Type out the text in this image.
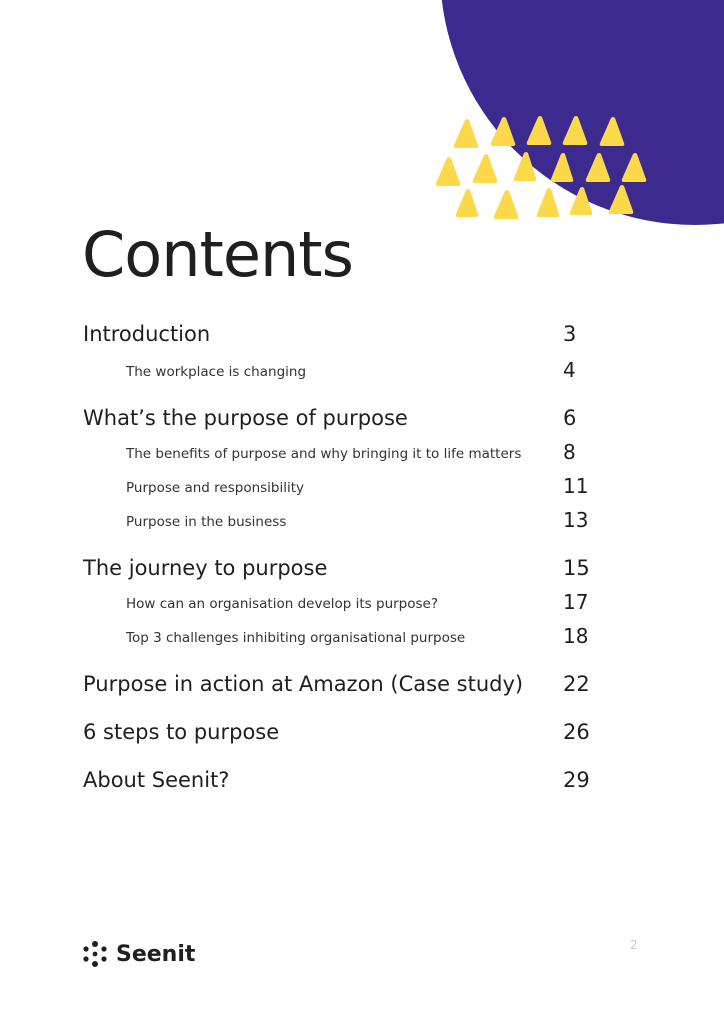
Contents
Introduction	3
The workplace is changing	4
What’s the purpose of purpose	6
The benefits of purpose and why bringing it to life matters 8
Purpose and responsibility	11
Purpose in the business	13
The journey to purpose	15
How can an organisation develop its purpose?	17
Top 3 challenges inhibiting organisational purpose	18
Purpose in action at Amazon (Case study) 22
6 steps to purpose	26
About Seenit?	29
Seenit	2
